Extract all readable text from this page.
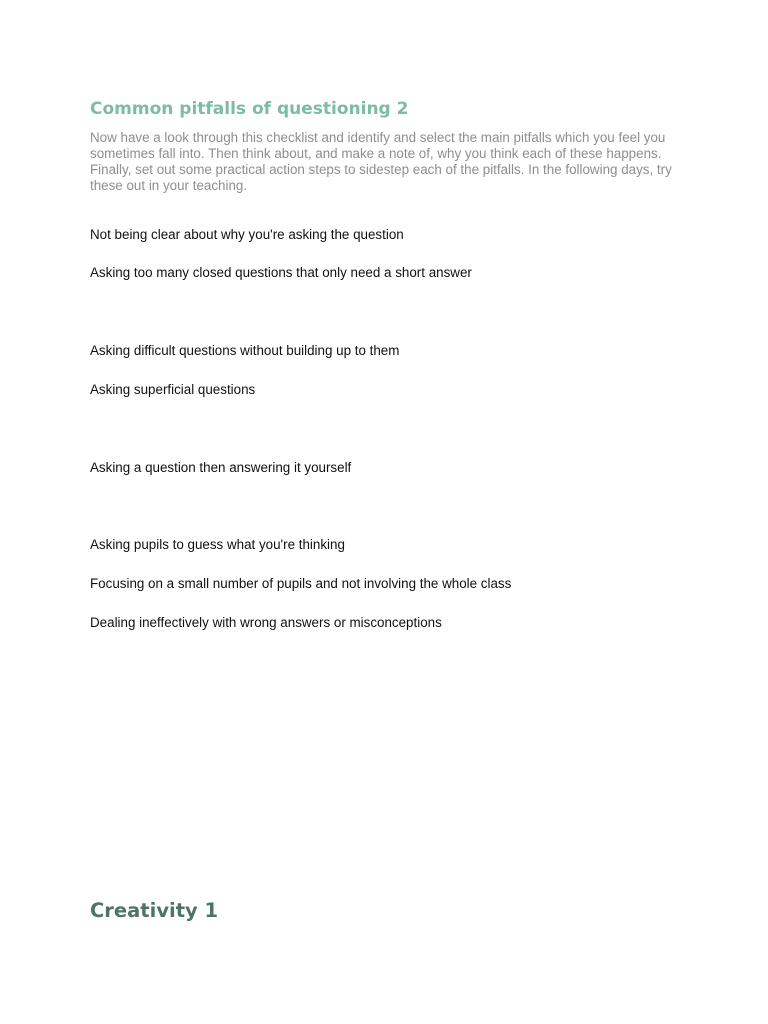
Common pitfalls of questioning 2

Now have a look through this checklist and identify and select the main pitfalls which you feel you sometimes fall into. Then think about, and make a note of, why you think each of these happens. Finally, set out some practical action steps to sidestep each of the pitfalls. In the following days, try these out in your teaching.

Not being clear about why you're asking the question

Asking too many closed questions that only need a short answer

Asking difficult questions without building up to them

Asking superficial questions

Asking a question then answering it yourself

Asking pupils to guess what you're thinking

Focusing on a small number of pupils and not involving the whole class

Dealing ineffectively with wrong answers or misconceptions

Creativity 1
